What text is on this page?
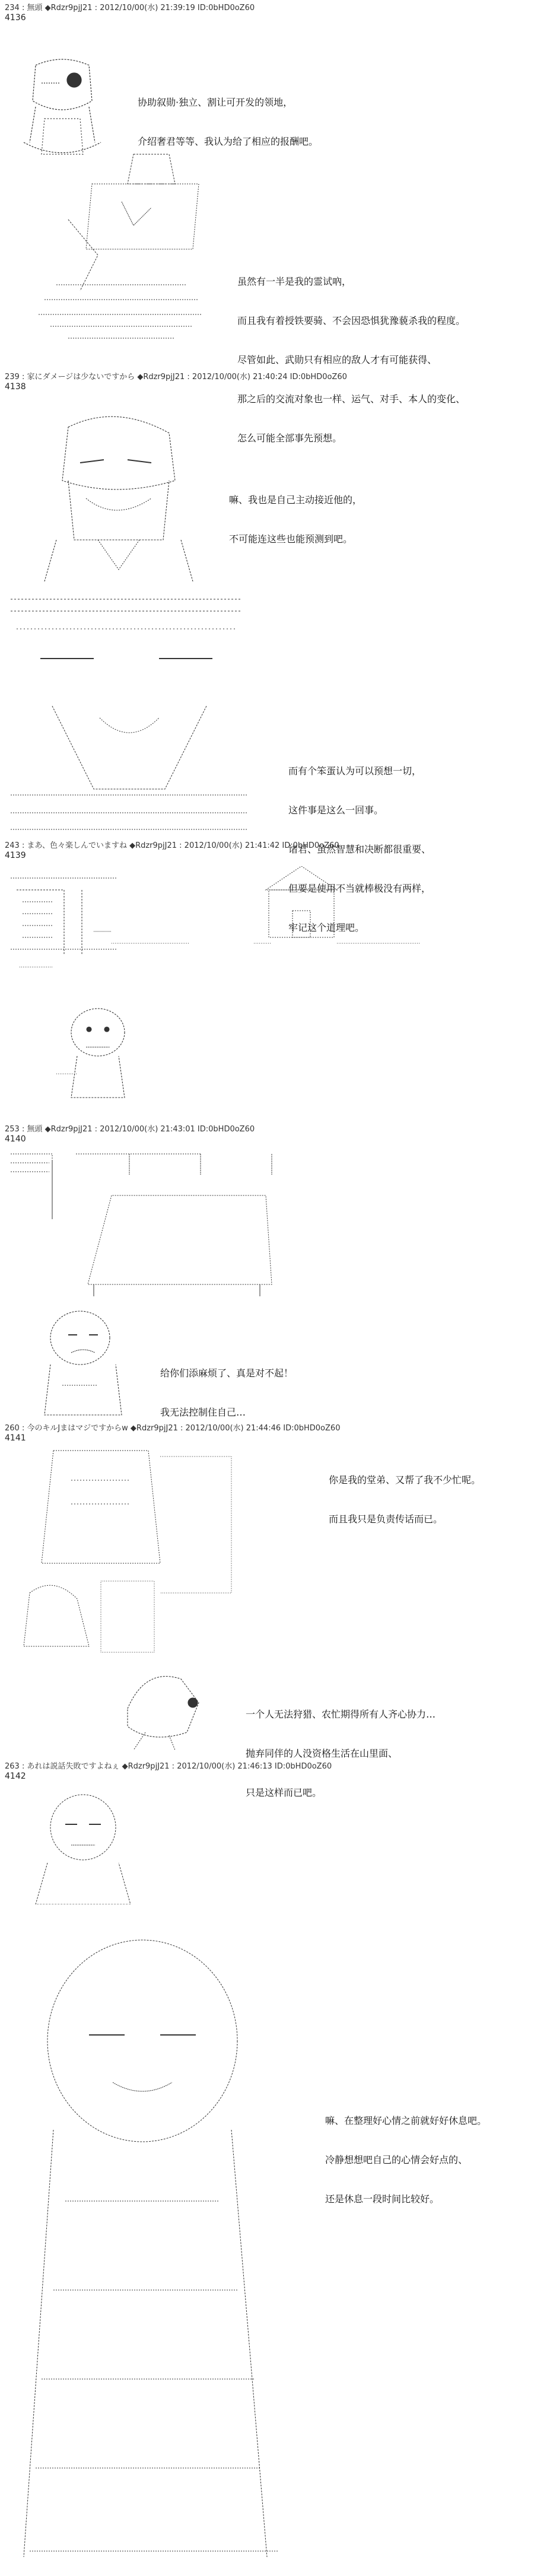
234 : 無頭 ◆Rdzr9pjJ21 : 2012/10/00(水) 21:39:19 ID:0bHD0oZ60
4136

协助叙勋·独立、割让可开发的领地，

介绍奢君等等、我认为给了相应的报酬吧。

虽然有一半是我的霊试吶，

而且我有着授铁要骑、不会因恐惧犹豫藐杀我的程度。

尽管如此、武勋只有相应的敌人才有可能获得、

那之后的交流对象也一样、运气、对手、本人的变化、

怎么可能全部事先预想。

239 : 家にダメージは少ないですから ◆Rdzr9pjJ21 : 2012/10/00(水) 21:40:24 ID:0bHD0oZ60
4138

嘛、我也是自己主动接近他的，

不可能连这些也能预测到吧。

而有个笨蛋认为可以预想一切，

这件事是这么一回事。

诸君、虽然智慧和决断都很重要、

但要是使用不当就棒极没有两样，

牢记这个道理吧。

243 : まあ、色々楽しんでいますね ◆Rdzr9pjJ21 : 2012/10/00(水) 21:41:42 ID:0bHD0oZ60
4139
253 : 無頭 ◆Rdzr9pjJ21 : 2012/10/00(水) 21:43:01 ID:0bHD0oZ60
4140

给你们添麻烦了、真是对不起！

我无法控制住自己…

260 : 今のキルJまはマジですからw ◆Rdzr9pjJ21 : 2012/10/00(水) 21:44:46 ID:0bHD0oZ60
4141

你是我的堂弟、又帮了我不少忙呢。

而且我只是负责传话而已。

一个人无法狩猎、农忙期得所有人齐心协力…

抛弃同伴的人没资格生活在山里面、

只是这样而已吧。

263 : あれは説話失敗ですよねぇ ◆Rdzr9pjJ21 : 2012/10/00(水) 21:46:13 ID:0bHD0oZ60
4142

嘛、在整理好心情之前就好好休息吧。

冷静想想吧自己的心情会好点的、

还是休息一段时间比较好。
